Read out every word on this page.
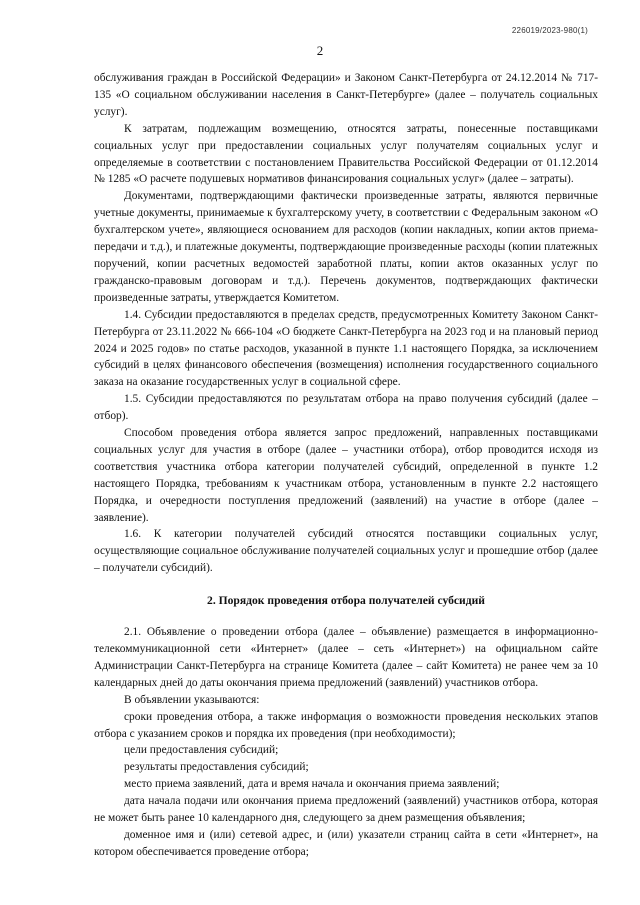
226019/2023-980(1)
2

обслуживания граждан в Российской Федерации» и Законом Санкт-Петербурга от 24.12.2014 № 717-135 «О социальном обслуживании населения в Санкт-Петербурге» (далее – получатель социальных услуг).

К затратам, подлежащим возмещению, относятся затраты, понесенные поставщиками социальных услуг при предоставлении социальных услуг получателям социальных услуг и определяемые в соответствии с постановлением Правительства Российской Федерации от 01.12.2014 № 1285 «О расчете подушевых нормативов финансирования социальных услуг» (далее – затраты).

Документами, подтверждающими фактически произведенные затраты, являются первичные учетные документы, принимаемые к бухгалтерскому учету, в соответствии с Федеральным законом «О бухгалтерском учете», являющиеся основанием для расходов (копии накладных, копии актов приема-передачи и т.д.), и платежные документы, подтверждающие произведенные расходы (копии платежных поручений, копии расчетных ведомостей заработной платы, копии актов оказанных услуг по гражданско-правовым договорам и т.д.). Перечень документов, подтверждающих фактически произведенные затраты, утверждается Комитетом.

1.4. Субсидии предоставляются в пределах средств, предусмотренных Комитету Законом Санкт-Петербурга от 23.11.2022 № 666-104 «О бюджете Санкт-Петербурга на 2023 год и на плановый период 2024 и 2025 годов» по статье расходов, указанной в пункте 1.1 настоящего Порядка, за исключением субсидий в целях финансового обеспечения (возмещения) исполнения государственного социального заказа на оказание государственных услуг в социальной сфере.

1.5. Субсидии предоставляются по результатам отбора на право получения субсидий (далее – отбор).

Способом проведения отбора является запрос предложений, направленных поставщиками социальных услуг для участия в отборе (далее – участники отбора), отбор проводится исходя из соответствия участника отбора категории получателей субсидий, определенной в пункте 1.2 настоящего Порядка, требованиям к участникам отбора, установленным в пункте 2.2 настоящего Порядка, и очередности поступления предложений (заявлений) на участие в отборе (далее – заявление).

1.6. К категории получателей субсидий относятся поставщики социальных услуг, осуществляющие социальное обслуживание получателей социальных услуг и прошедшие отбор (далее – получатели субсидий).

2. Порядок проведения отбора получателей субсидий

2.1. Объявление о проведении отбора (далее – объявление) размещается в информационно-телекоммуникационной сети «Интернет» (далее – сеть «Интернет») на официальном сайте Администрации Санкт-Петербурга на странице Комитета (далее – сайт Комитета) не ранее чем за 10 календарных дней до даты окончания приема предложений (заявлений) участников отбора.

В объявлении указываются:

сроки проведения отбора, а также информация о возможности проведения нескольких этапов отбора с указанием сроков и порядка их проведения (при необходимости);

цели предоставления субсидий;

результаты предоставления субсидий;

место приема заявлений, дата и время начала и окончания приема заявлений;

дата начала подачи или окончания приема предложений (заявлений) участников отбора, которая не может быть ранее 10 календарного дня, следующего за днем размещения объявления;

доменное имя и (или) сетевой адрес, и (или) указатели страниц сайта в сети «Интернет», на котором обеспечивается проведение отбора;
